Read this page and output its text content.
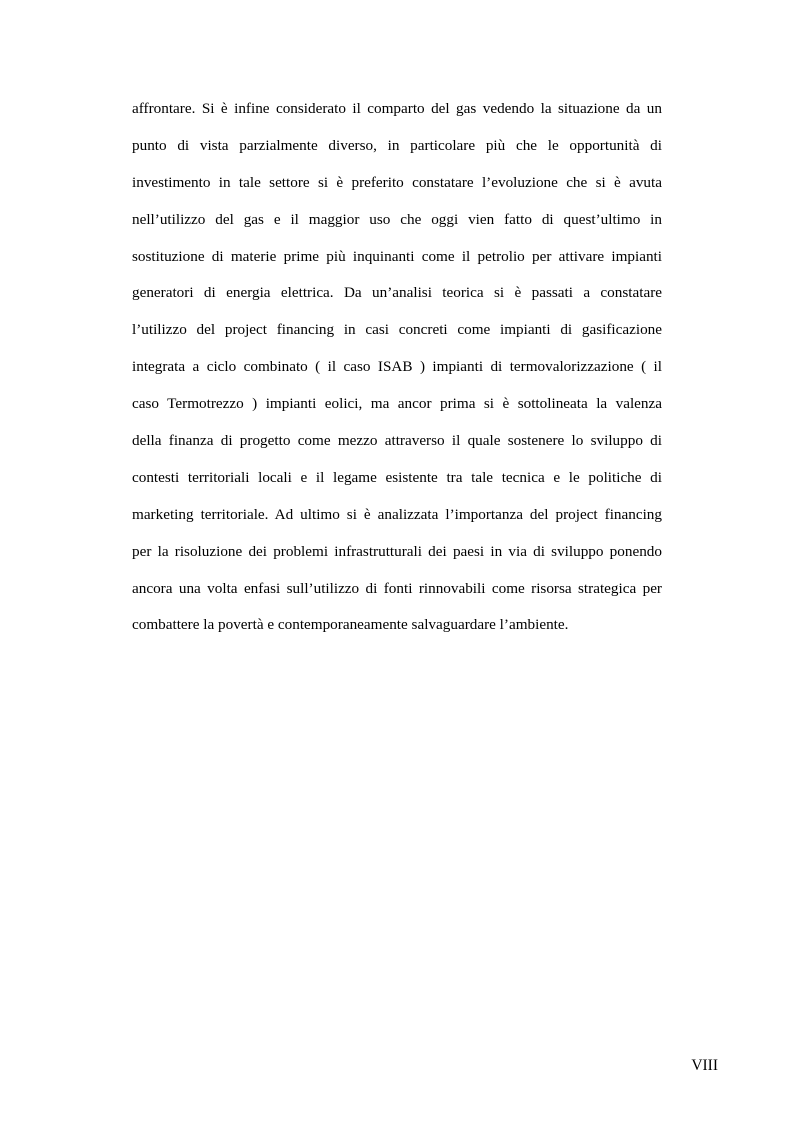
affrontare. Si è infine considerato il comparto del gas vedendo la situazione da un
punto di vista parzialmente diverso, in particolare più che le opportunità di
investimento in tale settore si è preferito constatare l’evoluzione che si è avuta
nell’utilizzo del gas e il maggior uso che oggi vien fatto di quest’ultimo in
sostituzione di materie prime più inquinanti come il petrolio per attivare impianti
generatori di energia elettrica. Da un’analisi teorica si è passati a constatare
l’utilizzo del project financing in casi concreti come impianti di gasificazione
integrata a ciclo combinato ( il caso ISAB ) impianti di termovalorizzazione ( il
caso Termotrezzo ) impianti eolici, ma ancor prima si è sottolineata la valenza
della finanza di progetto come mezzo attraverso il quale sostenere lo sviluppo di
contesti territoriali locali e il legame esistente tra tale tecnica e le politiche di
marketing territoriale. Ad ultimo si è analizzata l’importanza del project financing
per la risoluzione dei problemi infrastrutturali dei paesi in via di sviluppo ponendo
ancora una volta enfasi sull’utilizzo di fonti rinnovabili come risorsa strategica per
combattere la povertà e contemporaneamente salvaguardare l’ambiente.

VIII
